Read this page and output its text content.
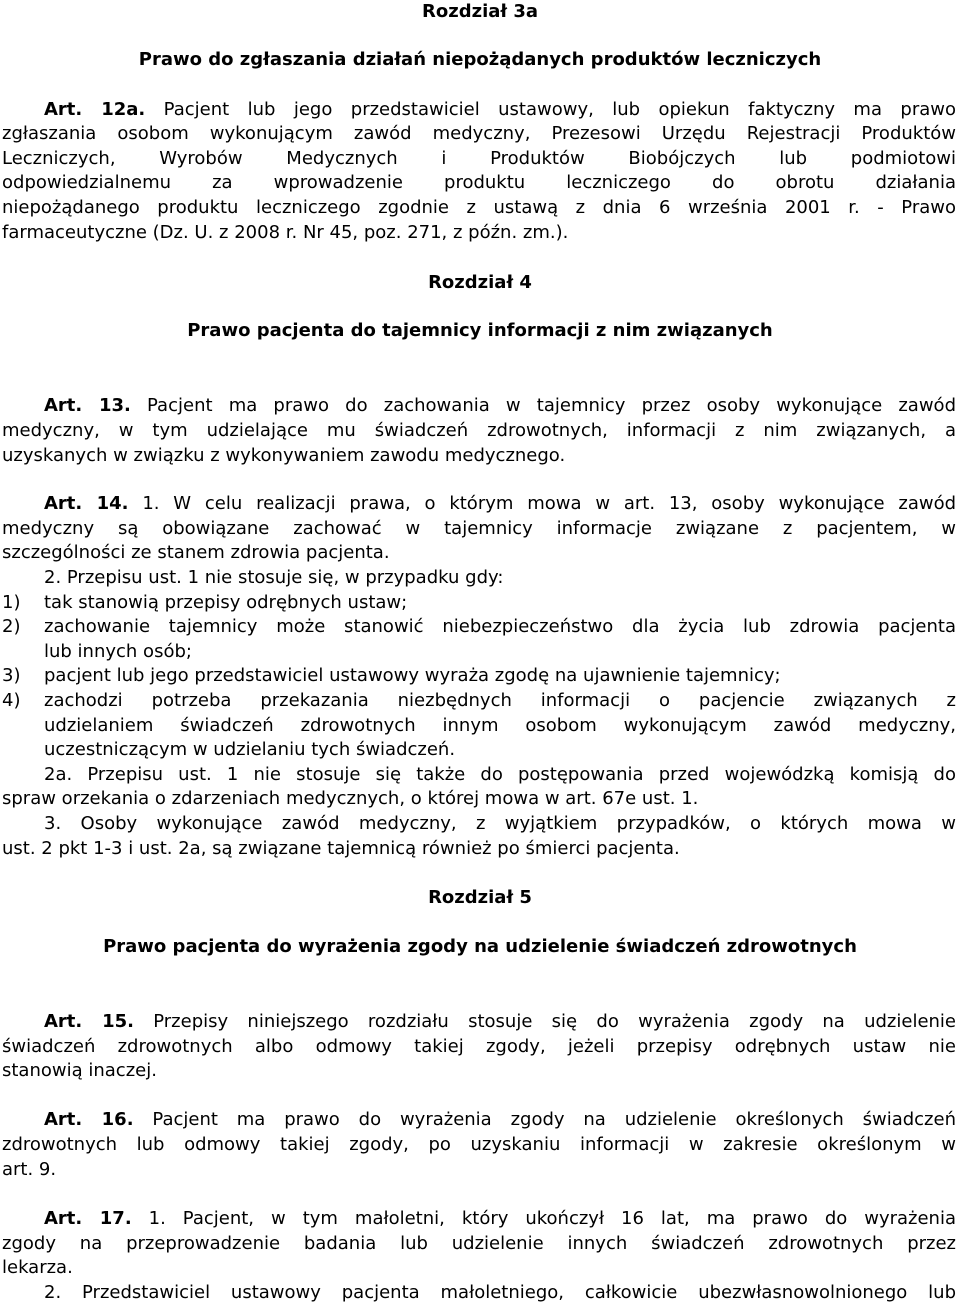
Rozdział 3a
Prawo do zgłaszania działań niepożądanych produktów leczniczych
Art. 12a. Pacjent lub jego przedstawiciel ustawowy, lub opiekun faktyczny ma prawo
zgłaszania osobom wykonującym zawód medyczny, Prezesowi Urzędu Rejestracji Produktów
Leczniczych, Wyrobów Medycznych i Produktów Biobójczych lub podmiotowi
odpowiedzialnemu za wprowadzenie produktu leczniczego do obrotu działania
niepożądanego produktu leczniczego zgodnie z ustawą z dnia 6 września 2001 r. - Prawo
farmaceutyczne (Dz. U. z 2008 r. Nr 45, poz. 271, z późn. zm.).
Rozdział 4
Prawo pacjenta do tajemnicy informacji z nim związanych
Art. 13. Pacjent ma prawo do zachowania w tajemnicy przez osoby wykonujące zawód
medyczny, w tym udzielające mu świadczeń zdrowotnych, informacji z nim związanych, a
uzyskanych w związku z wykonywaniem zawodu medycznego.
Art. 14. 1. W celu realizacji prawa, o którym mowa w art. 13, osoby wykonujące zawód
medyczny są obowiązane zachować w tajemnicy informacje związane z pacjentem, w
szczególności ze stanem zdrowia pacjenta.
2. Przepisu ust. 1 nie stosuje się, w przypadku gdy:
1)	tak stanowią przepisy odrębnych ustaw;
2)	zachowanie tajemnicy może stanowić niebezpieczeństwo dla życia lub zdrowia pacjenta
lub innych osób;
3)	pacjent lub jego przedstawiciel ustawowy wyraża zgodę na ujawnienie tajemnicy;
4)	zachodzi potrzeba przekazania niezbędnych informacji o pacjencie związanych z
udzielaniem świadczeń zdrowotnych innym osobom wykonującym zawód medyczny,
uczestniczącym w udzielaniu tych świadczeń.
2a. Przepisu ust. 1 nie stosuje się także do postępowania przed wojewódzką komisją do
spraw orzekania o zdarzeniach medycznych, o której mowa w art. 67e ust. 1.
3. Osoby wykonujące zawód medyczny, z wyjątkiem przypadków, o których mowa w
ust. 2 pkt 1-3 i ust. 2a, są związane tajemnicą również po śmierci pacjenta.
Rozdział 5
Prawo pacjenta do wyrażenia zgody na udzielenie świadczeń zdrowotnych
Art. 15. Przepisy niniejszego rozdziału stosuje się do wyrażenia zgody na udzielenie
świadczeń zdrowotnych albo odmowy takiej zgody, jeżeli przepisy odrębnych ustaw nie
stanowią inaczej.
Art. 16. Pacjent ma prawo do wyrażenia zgody na udzielenie określonych świadczeń
zdrowotnych lub odmowy takiej zgody, po uzyskaniu informacji w zakresie określonym w
art. 9.
Art. 17. 1. Pacjent, w tym małoletni, który ukończył 16 lat, ma prawo do wyrażenia
zgody na przeprowadzenie badania lub udzielenie innych świadczeń zdrowotnych przez
lekarza.
2. Przedstawiciel ustawowy pacjenta małoletniego, całkowicie ubezwłasnowolnionego lub
